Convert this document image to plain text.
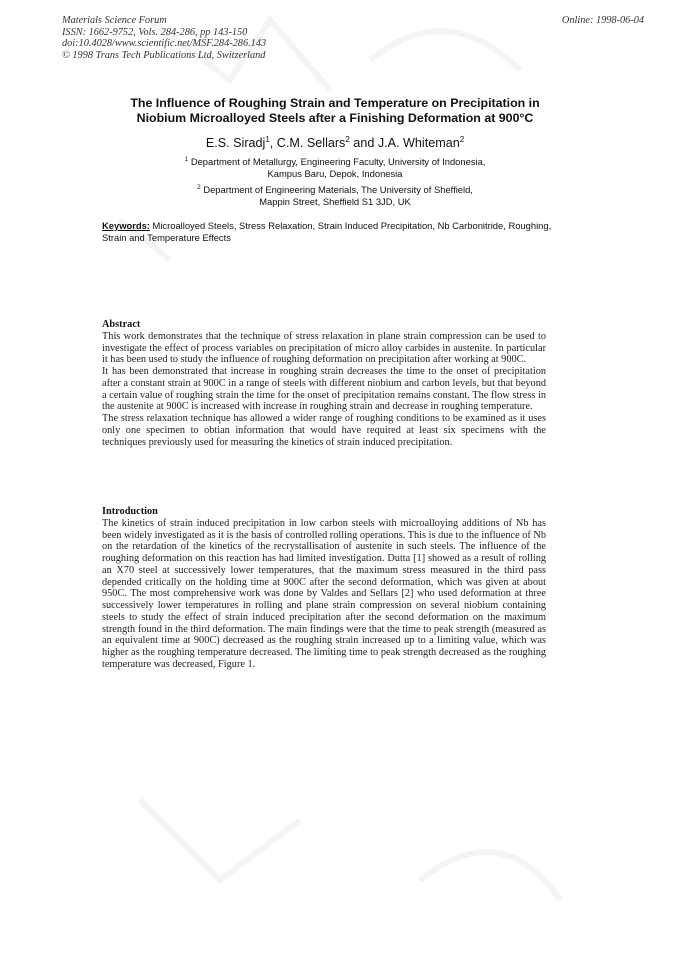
Materials Science Forum
ISSN: 1662-9752, Vols. 284-286, pp 143-150
doi:10.4028/www.scientific.net/MSF.284-286.143
© 1998 Trans Tech Publications Ltd, Switzerland
Online: 1998-06-04
The Influence of Roughing Strain and Temperature on Precipitation in
Niobium Microalloyed Steels after a Finishing Deformation at 900°C
E.S. Siradj$^1$, C.M. Sellars$^2$ and J.A. Whiteman$^2$
$^1$ Department of Metallurgy, Engineering Faculty, University of Indonesia,
Kampus Baru, Depok, Indonesia
$^2$ Department of Engineering Materials, The University of Sheffield,
Mappin Street, Sheffield S1 3JD, UK
Keywords: Microalloyed Steels, Stress Relaxation, Strain Induced Precipitation, Nb Carbonitride, Roughing, Strain and Temperature Effects
Abstract

This work demonstrates that the technique of stress relaxation in plane strain compression can be used to investigate the effect of process variables on precipitation of micro alloy carbides in austenite. In particular it has been used to study the influence of roughing deformation on precipitation after working at 900C.

It has been demonstrated that increase in roughing strain decreases the time to the onset of precipitation after a constant strain at 900C in a range of steels with different niobium and carbon levels, but that beyond a certain value of roughing strain the time for the onset of precipitation remains constant. The flow stress in the austenite at 900C is increased with increase in roughing strain and decrease in roughing temperature.

The stress relaxation technique has allowed a wider range of roughing conditions to be examined as it uses only one specimen to obtian information that would have required at least six specimens with the techniques previously used for measuring the kinetics of strain induced precipitation.

Introduction

The kinetics of strain induced precipitation in low carbon steels with microalloying additions of Nb has been widely investigated as it is the basis of controlled rolling operations. This is due to the influence of Nb on the retardation of the kinetics of the recrystallisation of austenite in such steels. The influence of the roughing deformation on this reaction has had limited investigation. Dutta [1] showed as a result of rolling an X70 steel at successively lower temperatures, that the maximum stress measured in the third pass depended critically on the holding time at 900C after the second deformation, which was given at about 950C. The most comprehensive work was done by Valdes and Sellars [2] who used deformation at three successively lower temperatures in rolling and plane strain compression on several niobium containing steels to study the effect of strain induced precipitation after the second deformation on the maximum strength found in the third deformation. The main findings were that the time to peak strength (measured as an equivalent time at 900C) decreased as the roughing strain increased up to a limiting value, which was higher as the roughing temperature decreased. The limiting time to peak strength decreased as the roughing temperature was decreased, Figure 1.
